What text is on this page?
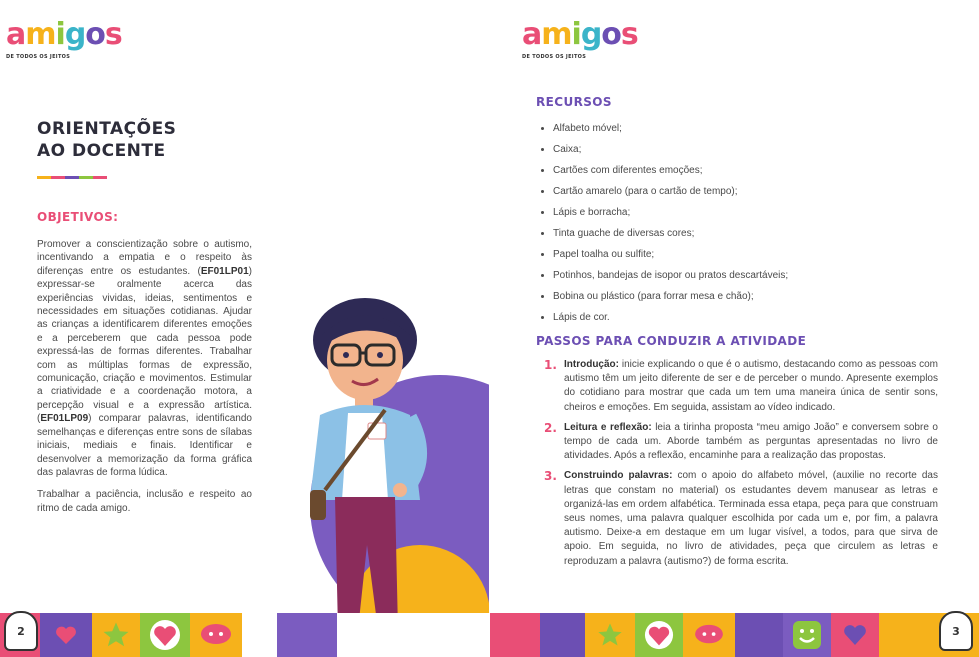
amigos
DE TODOS OS JEITOS
ORIENTAÇÕES
AO DOCENTE
OBJETIVOS:

Promover a conscientização sobre o autismo, incentivando a empatia e o respeito às diferenças entre os estudantes. (EF01LP01) expressar-se oralmente acerca das experiências vividas, ideias, sentimentos e necessidades em situações cotidianas. Ajudar as crianças a identificarem diferentes emoções e a perceberem que cada pessoa pode expressá-las de formas diferentes. Trabalhar com as múltiplas formas de expressão, comunicação, criação e movimentos. Estimular a criatividade e a coordenação motora, a percepção visual e a expressão artística. (EF01LP09) comparar palavras, identificando semelhanças e diferenças entre sons de sílabas iniciais, mediais e finais. Identificar e desenvolver a memorização da forma gráfica das palavras de forma lúdica.

Trabalhar a paciência, inclusão e respeito ao ritmo de cada amigo.

2
amigos
DE TODOS OS JEITOS
RECURSOS
• Alfabeto móvel;
• Caixa;
• Cartões com diferentes emoções;
• Cartão amarelo (para o cartão de tempo);
• Lápis e borracha;
• Tinta guache de diversas cores;
• Papel toalha ou sulfite;
• Potinhos, bandejas de isopor ou pratos descartáveis;
• Bobina ou plástico (para forrar mesa e chão);
• Lápis de cor.
PASSOS PARA CONDUZIR A ATIVIDADE
1. Introdução: inicie explicando o que é o autismo, destacando como as pessoas com autismo têm um jeito diferente de ser e de perceber o mundo. Apresente exemplos do cotidiano para mostrar que cada um tem uma maneira única de sentir sons, cheiros e emoções. Em seguida, assistam ao vídeo indicado.
2. Leitura e reflexão: leia a tirinha proposta “meu amigo João” e conversem sobre o tempo de cada um. Aborde também as perguntas apresentadas no livro de atividades. Após a reflexão, encaminhe para a realização das propostas.
3. Construindo palavras: com o apoio do alfabeto móvel, (auxilie no recorte das letras que constam no material) os estudantes devem manusear as letras e organizá-las em ordem alfabética. Terminada essa etapa, peça para que construam seus nomes, uma palavra qualquer escolhida por cada um e, por fim, a palavra autismo. Deixe-a em destaque em um lugar visível, a todos, para que sirva de apoio. Em seguida, no livro de atividades, peça que circulem as letras e reproduzam a palavra (autismo?) de forma escrita.
3
